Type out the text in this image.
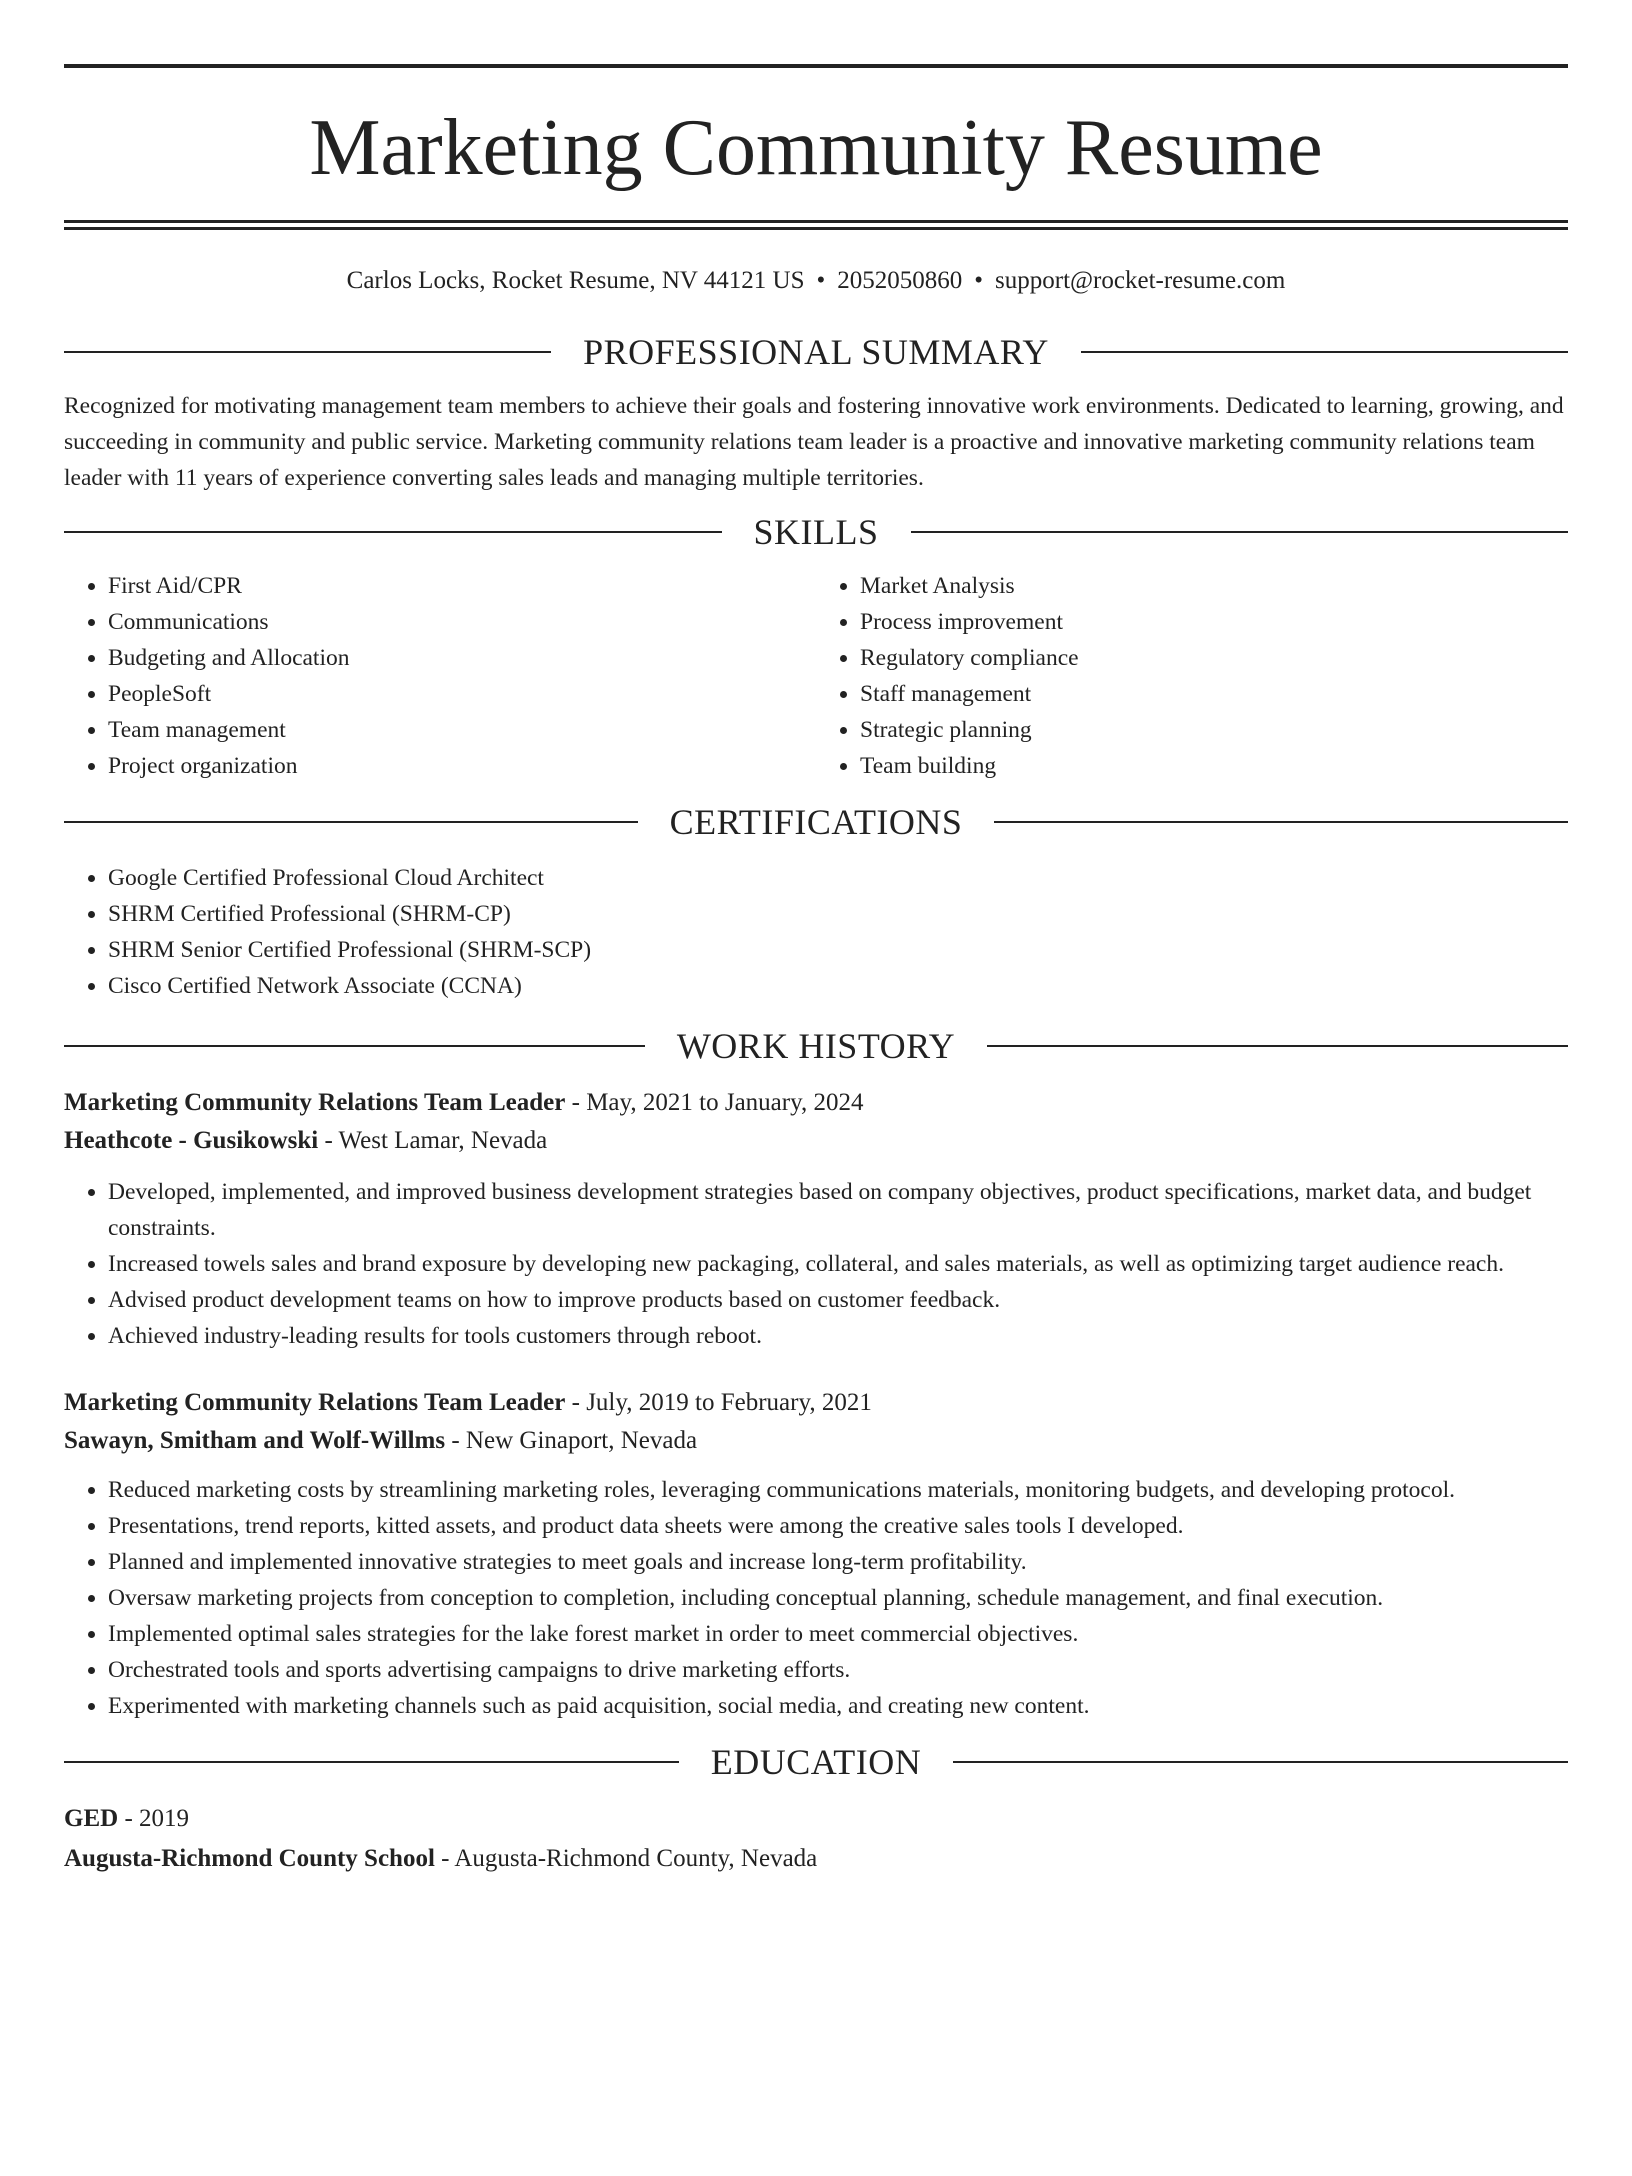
Marketing Community Resume
Carlos Locks, Rocket Resume, NV 44121 US • 2052050860 • support@rocket-resume.com
PROFESSIONAL SUMMARY

Recognized for motivating management team members to achieve their goals and fostering innovative work environments. Dedicated to learning, growing, and succeeding in community and public service. Marketing community relations team leader is a proactive and innovative marketing community relations team leader with 11 years of experience converting sales leads and managing multiple territories.

SKILLS
• First Aid/CPR
• Communications
• Budgeting and Allocation
• PeopleSoft
• Team management
• Project organization
• Market Analysis
• Process improvement
• Regulatory compliance
• Staff management
• Strategic planning
• Team building
CERTIFICATIONS
• Google Certified Professional Cloud Architect
• SHRM Certified Professional (SHRM-CP)
• SHRM Senior Certified Professional (SHRM-SCP)
• Cisco Certified Network Associate (CCNA)
WORK HISTORY

Marketing Community Relations Team Leader - May, 2021 to January, 2024

Heathcote - Gusikowski - West Lamar, Nevada

• Developed, implemented, and improved business development strategies based on company objectives, product specifications, market data, and budget constraints.
• Increased towels sales and brand exposure by developing new packaging, collateral, and sales materials, as well as optimizing target audience reach.
• Advised product development teams on how to improve products based on customer feedback.
• Achieved industry-leading results for tools customers through reboot.

Marketing Community Relations Team Leader - July, 2019 to February, 2021

Sawayn, Smitham and Wolf-Willms - New Ginaport, Nevada

• Reduced marketing costs by streamlining marketing roles, leveraging communications materials, monitoring budgets, and developing protocol.
• Presentations, trend reports, kitted assets, and product data sheets were among the creative sales tools I developed.
• Planned and implemented innovative strategies to meet goals and increase long-term profitability.
• Oversaw marketing projects from conception to completion, including conceptual planning, schedule management, and final execution.
• Implemented optimal sales strategies for the lake forest market in order to meet commercial objectives.
• Orchestrated tools and sports advertising campaigns to drive marketing efforts.
• Experimented with marketing channels such as paid acquisition, social media, and creating new content.
EDUCATION

GED - 2019

Augusta-Richmond County School - Augusta-Richmond County, Nevada
